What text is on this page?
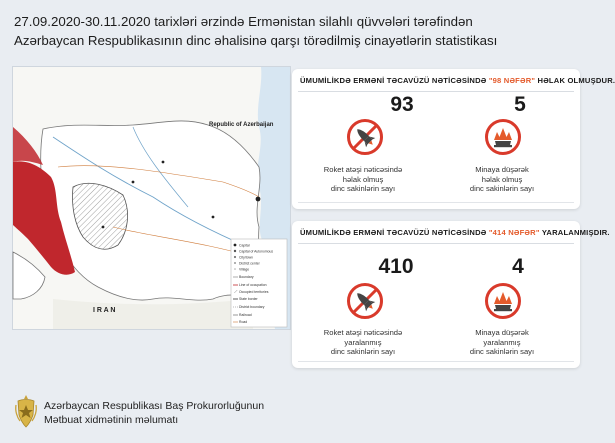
27.09.2020-30.11.2020 tarixlәri әrzindә Ermәnistan silahlı qüvvәlәri tәrәfindәn
Azәrbaycan Respublikasının dinc әhalisinә qarşı törәdilmiş cinayәtlәrin statistikası
Capital
Capital of Autonomous
City/town
District center
Village
Boundary
Line of occupation
Occupied territories
State border
District boundary
Railroad
Road
Republic of Azerbaijan
I R A N
ÜMUMİLİKDƏ ERMƏNİ TƏCAVÜZÜ NƏTİCƏSİNDƏ "98 NƏFƏR" HƏLAK OLMUŞDUR.
93
Roket atәşi nәticәsindә
hәlak olmuş
dinc sakinlәrin sayı
5
Minaya düşәrәk
hәlak olmuş
dinc sakinlәrin sayı
ÜMUMİLİKDƏ ERMƏNİ TƏCAVÜZÜ NƏTİCƏSİNDƏ "414 NƏFƏR" YARALANMIŞDIR.
410
Roket atәşi nәticәsindә
yaralanmış
dinc sakinlәrin sayı
4
Minaya düşәrәk
yaralanmış
dinc sakinlәrin sayı
Azәrbaycan Respublikası Baş Prokurorluğunun
Mәtbuat xidmәtinin mәlumatı
